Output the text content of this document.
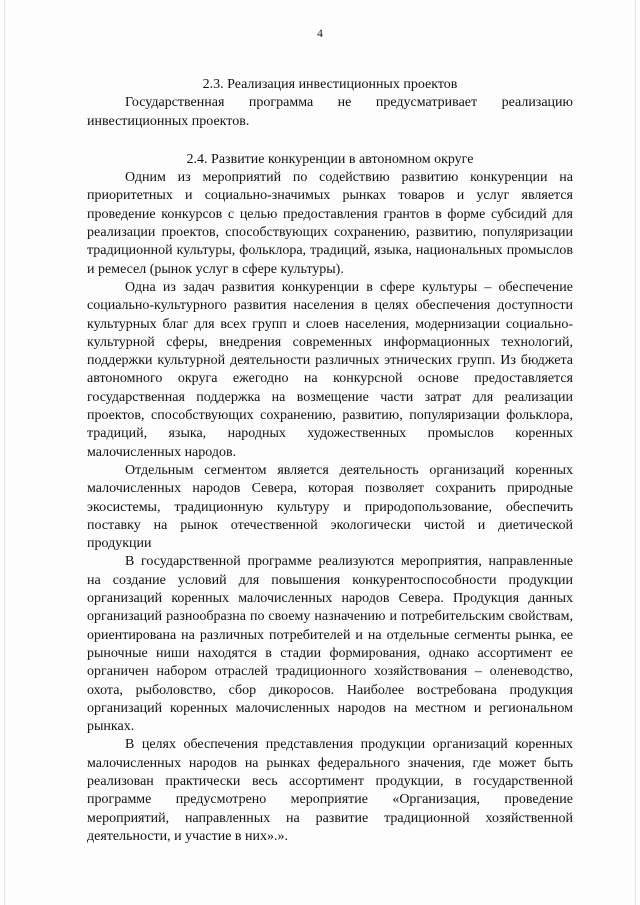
4

2.3. Реализация инвестиционных проектов

Государственная программа не предусматривает реализацию инвестиционных проектов.

2.4. Развитие конкуренции в автономном округе

Одним из мероприятий по содействию развитию конкуренции на приоритетных и социально-значимых рынках товаров и услуг является проведение конкурсов с целью предоставления грантов в форме субсидий для реализации проектов, способствующих сохранению, развитию, популяризации традиционной культуры, фольклора, традиций, языка, национальных промыслов и ремесел (рынок услуг в сфере культуры).

Одна из задач развития конкуренции в сфере культуры – обеспечение социально-культурного развития населения в целях обеспечения доступности культурных благ для всех групп и слоев населения, модернизации социально-культурной сферы, внедрения современных информационных технологий, поддержки культурной деятельности различных этнических групп. Из бюджета автономного округа ежегодно на конкурсной основе предоставляется государственная поддержка на возмещение части затрат для реализации проектов, способствующих сохранению, развитию, популяризации фольклора, традиций, языка, народных художественных промыслов коренных малочисленных народов.

Отдельным сегментом является деятельность организаций коренных малочисленных народов Севера, которая позволяет сохранить природные экосистемы, традиционную культуру и природопользование, обеспечить поставку на рынок отечественной экологически чистой и диетической продукции

В государственной программе реализуются мероприятия, направленные на создание условий для повышения конкурентоспособности продукции организаций коренных малочисленных народов Севера. Продукция данных организаций разнообразна по своему назначению и потребительским свойствам, ориентирована на различных потребителей и на отдельные сегменты рынка, ее рыночные ниши находятся в стадии формирования, однако ассортимент ее органичен набором отраслей традиционного хозяйствования – оленеводство, охота, рыболовство, сбор дикоросов. Наиболее востребована продукция организаций коренных малочисленных народов на местном и региональном рынках.

В целях обеспечения представления продукции организаций коренных малочисленных народов на рынках федерального значения, где может быть реализован практически весь ассортимент продукции, в государственной программе предусмотрено мероприятие «Организация, проведение мероприятий, направленных на развитие традиционной хозяйственной деятельности, и участие в них».».
